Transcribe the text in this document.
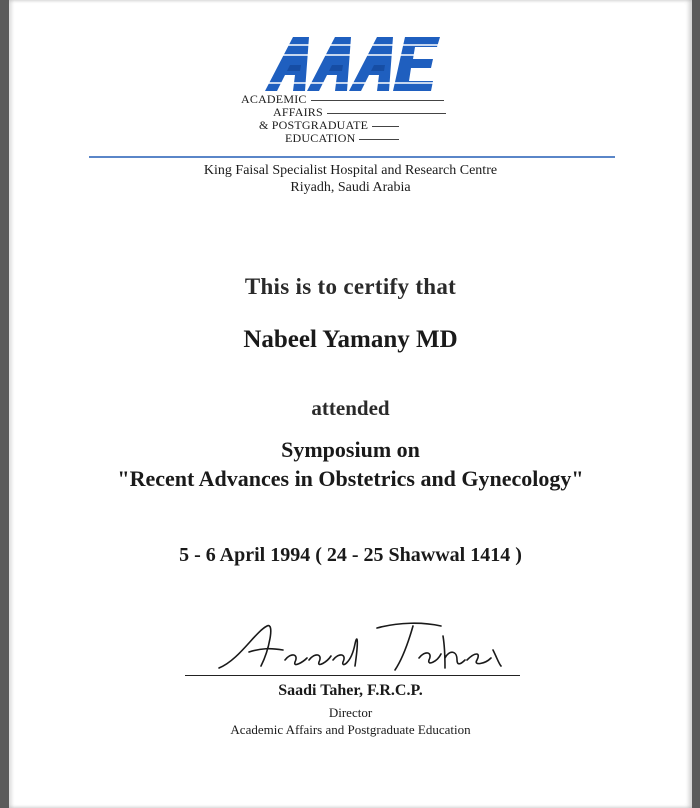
AAAE
ACADEMIC
AFFAIRS
& POSTGRADUATE
EDUCATION
King Faisal Specialist Hospital and Research Centre
Riyadh, Saudi Arabia
This is to certify that
Nabeel Yamany MD
attended
Symposium on
"Recent Advances in Obstetrics and Gynecology"
5 - 6 April 1994 ( 24 - 25 Shawwal 1414 )
Saadi Taher
Saadi Taher, F.R.C.P.
Director
Academic Affairs and Postgraduate Education
